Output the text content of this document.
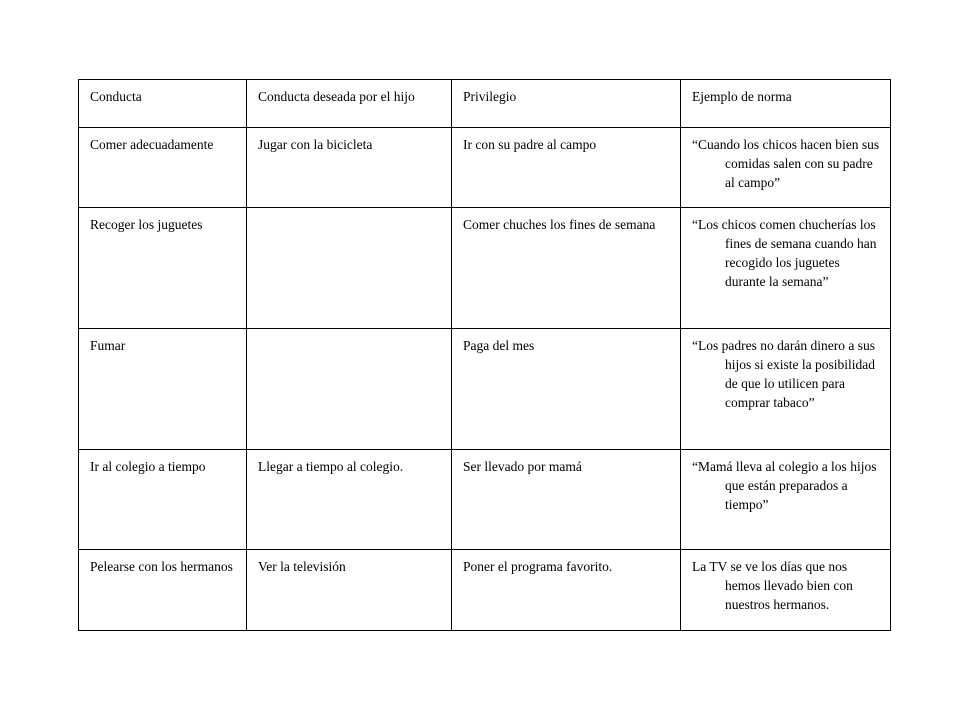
Conducta	Conducta deseada por el hijo	Privilegio	Ejemplo de norma

Comer adecuadamente	Jugar con la bicicleta	Ir con su padre al campo	“Cuando los chicos hacen bien sus comidas salen con su padre al campo”

Recoger los juguetes		Comer chuches los fines de semana	“Los chicos comen chucherías los fines de semana cuando han recogido los juguetes durante la semana”

Fumar		Paga del mes	“Los padres no darán dinero a sus hijos si existe la posibilidad de que lo utilicen para comprar tabaco”

Ir al colegio a tiempo	Llegar a tiempo al colegio.	Ser llevado por mamá	“Mamá lleva al colegio a los hijos que están preparados a tiempo”

Pelearse con los hermanos	Ver la televisión	Poner el programa favorito.	La TV se ve los días que nos hemos llevado bien con nuestros hermanos.
